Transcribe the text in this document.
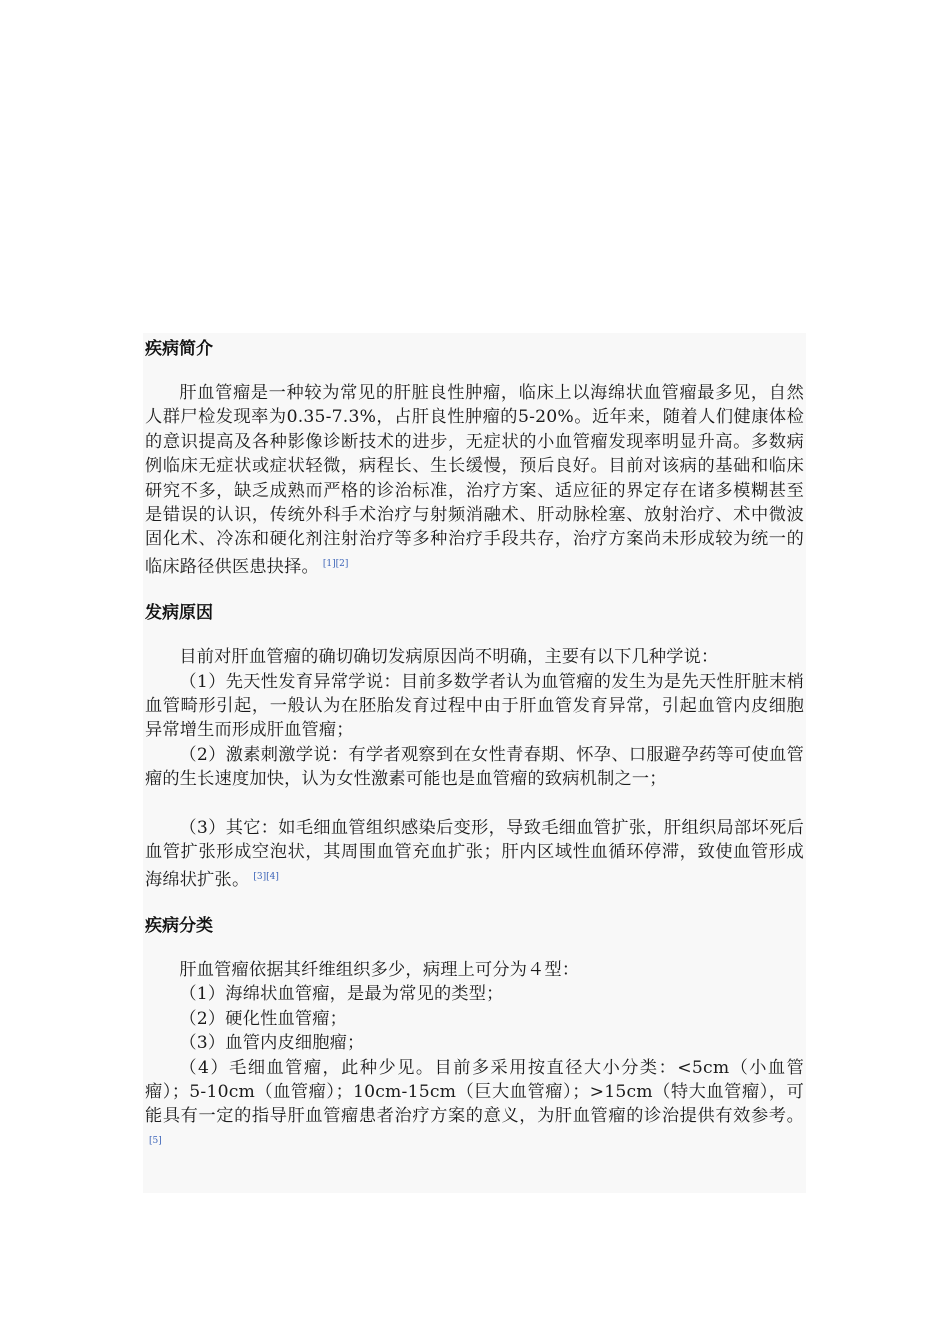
疾病简介

肝血管瘤是一种较为常见的肝脏良性肿瘤，临床上以海绵状血管瘤最多见，自然人群尸检发现率为0.35-7.3%，占肝良性肿瘤的5-20%。近年来，随着人们健康体检的意识提高及各种影像诊断技术的进步，无症状的小血管瘤发现率明显升高。多数病例临床无症状或症状轻微，病程长、生长缓慢，预后良好。目前对该病的基础和临床研究不多，缺乏成熟而严格的诊治标准，治疗方案、适应征的界定存在诸多模糊甚至是错误的认识，传统外科手术治疗与射频消融术、肝动脉栓塞、放射治疗、术中微波固化术、冷冻和硬化剂注射治疗等多种治疗手段共存，治疗方案尚未形成较为统一的临床路径供医患抉择。 [1][2]

发病原因

目前对肝血管瘤的确切确切发病原因尚不明确，主要有以下几种学说：

（1）先天性发育异常学说：目前多数学者认为血管瘤的发生为是先天性肝脏末梢血管畸形引起，一般认为在胚胎发育过程中由于肝血管发育异常，引起血管内皮细胞异常增生而形成肝血管瘤；

（2）激素刺激学说：有学者观察到在女性青春期、怀孕、口服避孕药等可使血管瘤的生长速度加快，认为女性激素可能也是血管瘤的致病机制之一；

（3）其它：如毛细血管组织感染后变形，导致毛细血管扩张，肝组织局部坏死后血管扩张形成空泡状，其周围血管充血扩张；肝内区域性血循环停滞，致使血管形成海绵状扩张。 [3][4]

疾病分类

肝血管瘤依据其纤维组织多少，病理上可分为４型：

（1）海绵状血管瘤，是最为常见的类型；

（2）硬化性血管瘤；

（3）血管内皮细胞瘤；

（4）毛细血管瘤，此种少见。目前多采用按直径大小分类：<5cm（小血管瘤）；5-10cm（血管瘤）；10cm-15cm（巨大血管瘤）；>15cm（特大血管瘤），可能具有一定的指导肝血管瘤患者治疗方案的意义，为肝血管瘤的诊治提供有效参考。[5]
